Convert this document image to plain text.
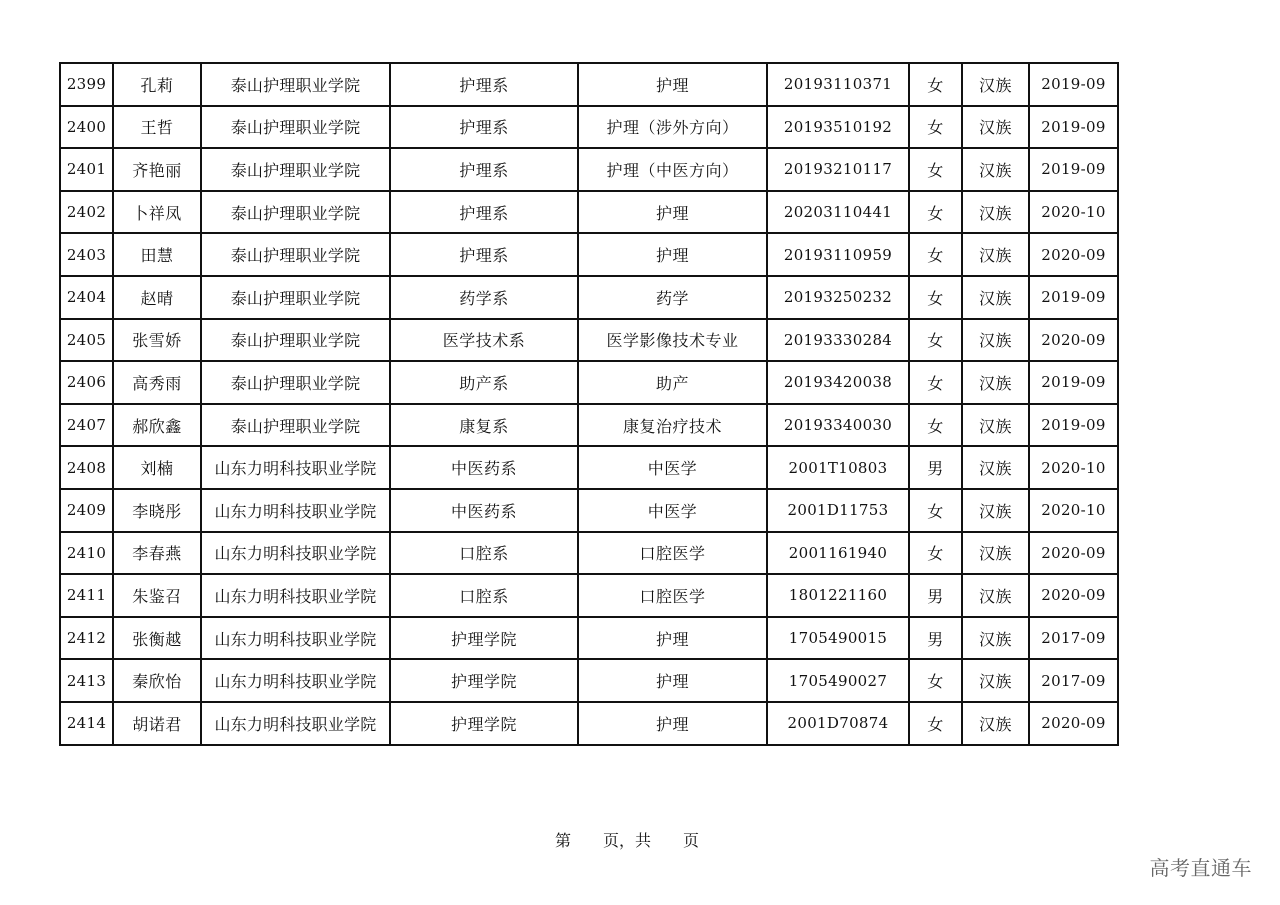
2399	孔莉	泰山护理职业学院	护理系	护理	20193110371	女	汉族	2019-09
2400	王哲	泰山护理职业学院	护理系	护理（涉外方向）	20193510192	女	汉族	2019-09
2401	齐艳丽	泰山护理职业学院	护理系	护理（中医方向）	20193210117	女	汉族	2019-09
2402	卜祥凤	泰山护理职业学院	护理系	护理	20203110441	女	汉族	2020-10
2403	田慧	泰山护理职业学院	护理系	护理	20193110959	女	汉族	2020-09
2404	赵晴	泰山护理职业学院	药学系	药学	20193250232	女	汉族	2019-09
2405	张雪娇	泰山护理职业学院	医学技术系	医学影像技术专业	20193330284	女	汉族	2020-09
2406	高秀雨	泰山护理职业学院	助产系	助产	20193420038	女	汉族	2019-09
2407	郝欣鑫	泰山护理职业学院	康复系	康复治疗技术	20193340030	女	汉族	2019-09
2408	刘楠	山东力明科技职业学院	中医药系	中医学	2001T10803	男	汉族	2020-10
2409	李晓彤	山东力明科技职业学院	中医药系	中医学	2001D11753	女	汉族	2020-10
2410	李春燕	山东力明科技职业学院	口腔系	口腔医学	2001161940	女	汉族	2020-09
2411	朱鉴召	山东力明科技职业学院	口腔系	口腔医学	1801221160	男	汉族	2020-09
2412	张衡越	山东力明科技职业学院	护理学院	护理	1705490015	男	汉族	2017-09
2413	秦欣怡	山东力明科技职业学院	护理学院	护理	1705490027	女	汉族	2017-09
2414	胡诺君	山东力明科技职业学院	护理学院	护理	2001D70874	女	汉族	2020-09
第　　页，共　　页
高考直通车
